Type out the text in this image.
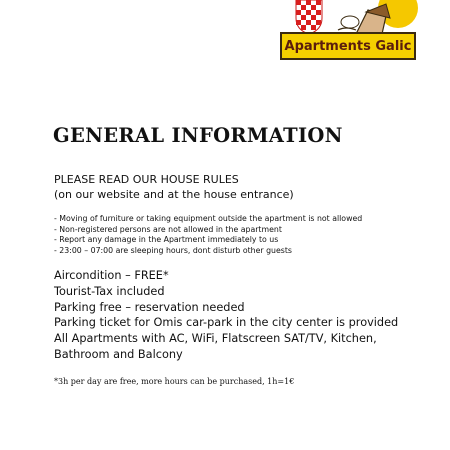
Apartments Galic
GENERAL INFORMATION
PLEASE READ OUR HOUSE RULES
(on our website and at the house entrance)
- Moving of furniture or taking equipment outside the apartment is not allowed
- Non-registered persons are not allowed in the apartment
- Report any damage in the Apartment immediately to us
- 23:00 – 07:00 are sleeping hours, dont disturb other guests
Aircondition – FREE*
Tourist-Tax included
Parking free – reservation needed
Parking ticket for Omis car-park in the city center is provided
All Apartments with AC, WiFi, Flatscreen SAT/TV, Kitchen,
Bathroom and Balcony
*3h per day are free, more hours can be purchased, 1h=1€
